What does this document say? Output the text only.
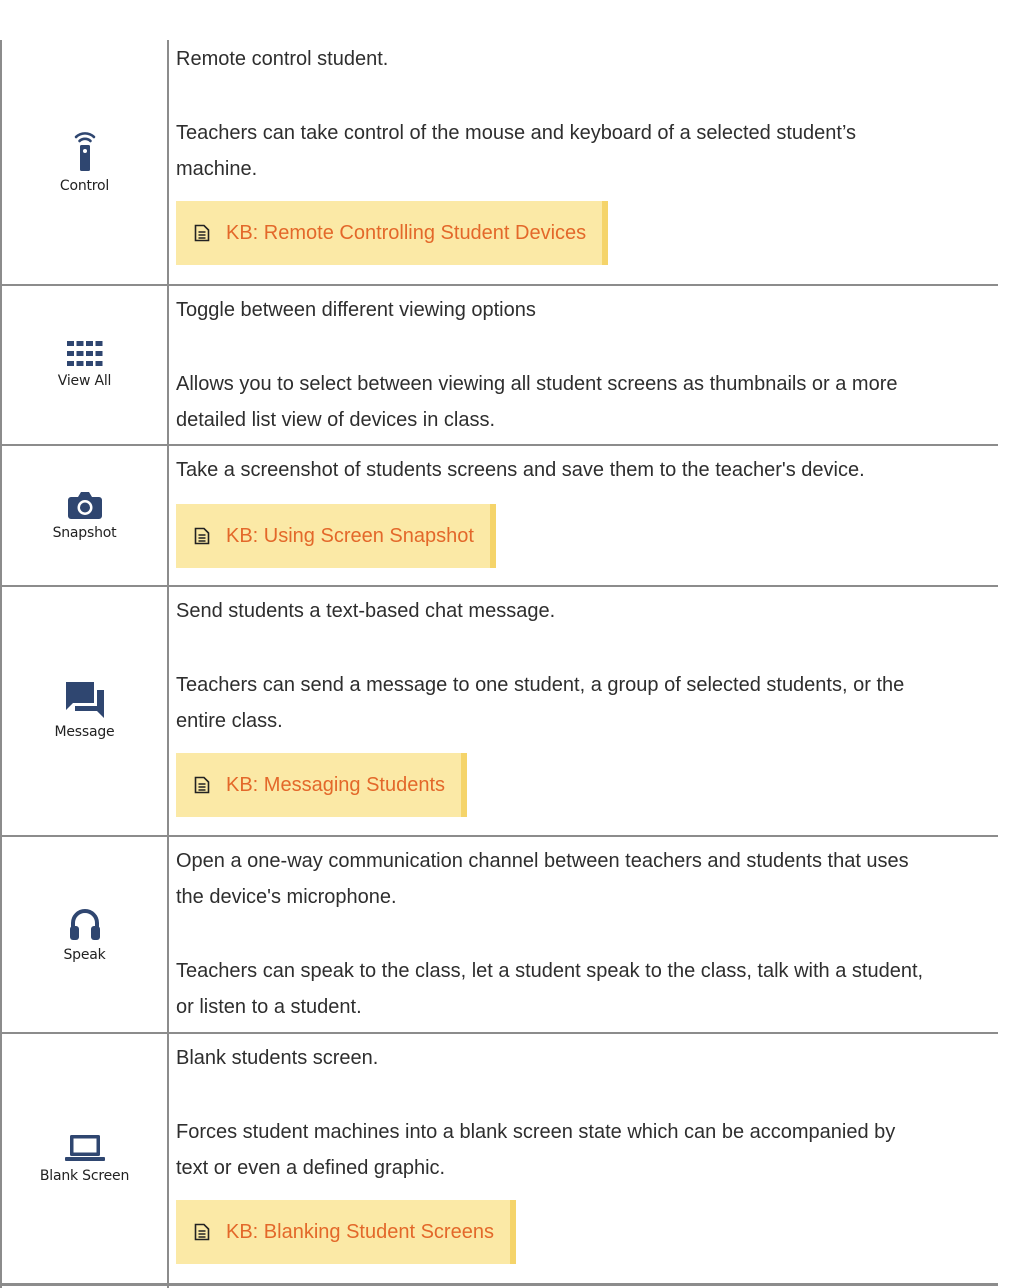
Control

Remote control student.

Teachers can take control of the mouse and keyboard of a selected student’s

machine.

KB: Remote Controlling Student Devices
View All

Toggle between different viewing options

Allows you to select between viewing all student screens as thumbnails or a more

detailed list view of devices in class.

Snapshot

Take a screenshot of students screens and save them to the teacher's device.

KB: Using Screen Snapshot
Message

Send students a text-based chat message.

Teachers can send a message to one student, a group of selected students, or the

entire class.

KB: Messaging Students
Speak

Open a one-way communication channel between teachers and students that uses

the device's microphone.

Teachers can speak to the class, let a student speak to the class, talk with a student,

or listen to a student.

Blank Screen

Blank students screen.

Forces student machines into a blank screen state which can be accompanied by

text or even a defined graphic.

KB: Blanking Student Screens
